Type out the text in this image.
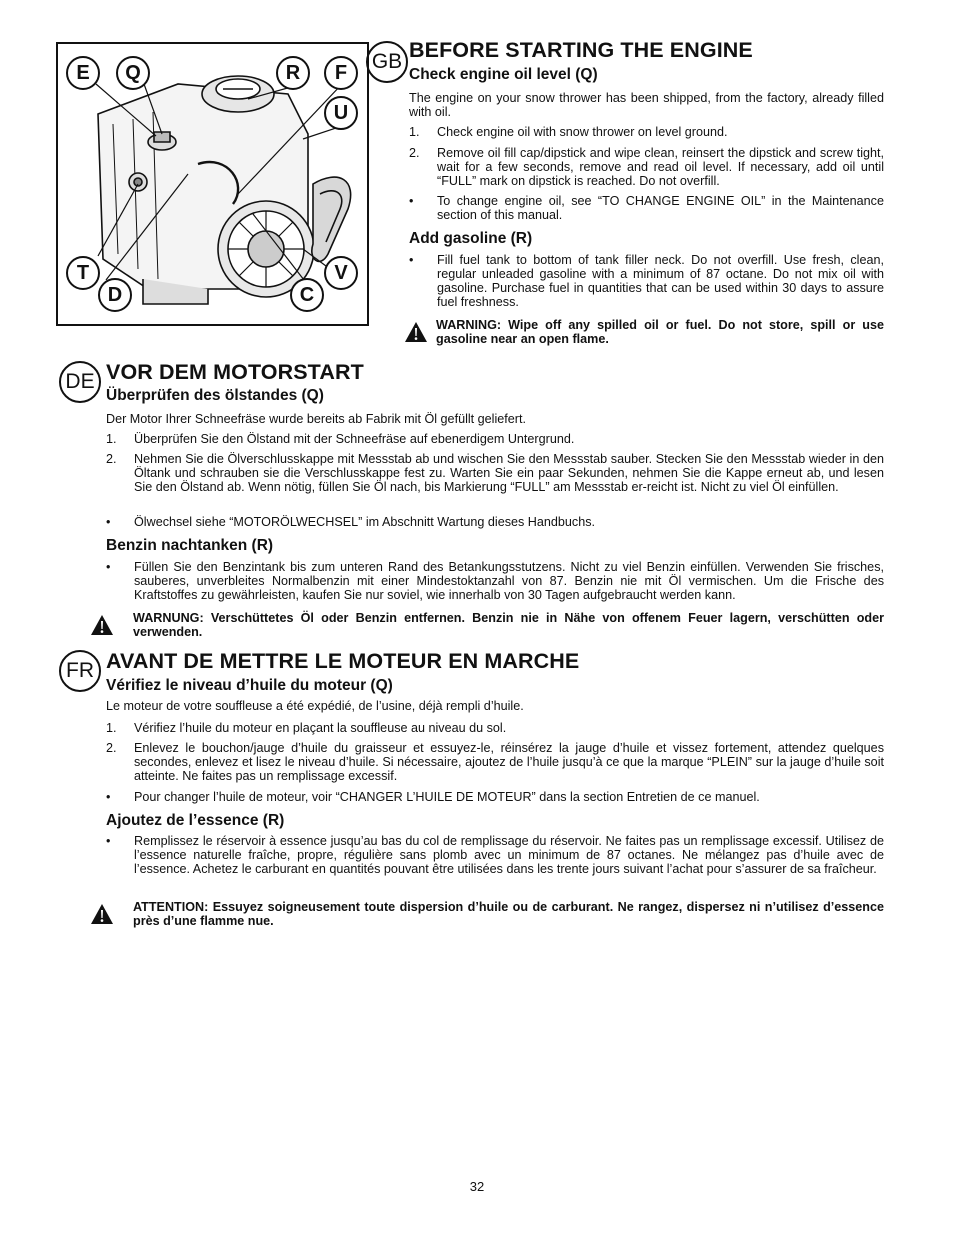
E	Q	R	F
U
T	V
D	C
GB BEFORE STARTING THE ENGINE
Check engine oil level (Q)
The engine on your snow thrower has been shipped, from the factory, already filled with oil.
1. Check engine oil with snow thrower on level ground.
2. Remove oil fill cap/dipstick and wipe clean, reinsert the dipstick and screw tight, wait for a few seconds, remove and read oil level. If necessary, add oil until “FULL” mark on dipstick is reached. Do not overfill.
• To change engine oil, see “TO CHANGE ENGINE OIL” in the Maintenance section of this manual.
Add gasoline (R)
• Fill fuel tank to bottom of tank filler neck. Do not overfill. Use fresh, clean, regular unleaded gasoline with a minimum of 87 octane. Do not mix oil with gasoline. Purchase fuel in quantities that can be used within 30 days to assure fuel freshness.
WARNING: Wipe off any spilled oil or fuel. Do not store, spill or use gasoline near an open flame.
DE VOR DEM MOTORSTART
Überprüfen des ölstandes (Q)
Der Motor Ihrer Schneefräse wurde bereits ab Fabrik mit Öl gefüllt geliefert.
1. Überprüfen Sie den Ölstand mit der Schneefräse auf ebenerdigem Untergrund.
2. Nehmen Sie die Ölverschlusskappe mit Messstab ab und wischen Sie den Messstab sauber. Stecken Sie den Messstab wieder in den Öltank und schrauben sie die Verschlusskappe fest zu. Warten Sie ein paar Sekunden, nehmen Sie die Kappe erneut ab, und lesen Sie den Ölstand ab. Wenn nötig, füllen Sie Öl nach, bis Markierung “FULL” am Messstab er-reicht ist. Nicht zu viel Öl einfüllen.
• Ölwechsel siehe “MOTORÖLWECHSEL” im Abschnitt Wartung dieses Handbuchs.
Benzin nachtanken (R)
• Füllen Sie den Benzintank bis zum unteren Rand des Betankungsstutzens. Nicht zu viel Benzin einfüllen. Verwenden Sie frisches, sauberes, unverbleites Normalbenzin mit einer Mindestoktanzahl von 87. Benzin nie mit Öl vermischen. Um die Frische des Kraftstoffes zu gewährleisten, kaufen Sie nur soviel, wie innerhalb von 30 Tagen aufgebraucht werden kann.
WARNUNG: Verschüttetes Öl oder Benzin entfernen. Benzin nie in Nähe von offenem Feuer lagern, verschütten oder verwenden.
FR AVANT DE METTRE LE MOTEUR EN MARCHE
Vérifiez le niveau d’huile du moteur (Q)
Le moteur de votre souffleuse a été expédié, de l’usine, déjà rempli d’huile.
1. Vérifiez l’huile du moteur en plaçant la souffleuse au niveau du sol.
2. Enlevez le bouchon/jauge d’huile du graisseur et essuyez-le, réinsérez la jauge d’huile et vissez fortement, attendez quelques secondes, enlevez et lisez le niveau d’huile. Si nécessaire, ajoutez de l’huile jusqu’à ce que la marque “PLEIN” sur la jauge d’huile soit atteinte. Ne faites pas un remplissage excessif.
• Pour changer l’huile de moteur, voir “CHANGER L’HUILE DE MOTEUR” dans la section Entretien de ce manuel.
Ajoutez de l’essence (R)
• Remplissez le réservoir à essence jusqu’au bas du col de remplissage du réservoir. Ne faites pas un remplissage excessif. Utilisez de l’essence naturelle fraîche, propre, régulière sans plomb avec un minimum de 87 octanes. Ne mélangez pas d’huile avec de l’essence. Achetez le carburant en quantités pouvant être utilisées dans les trente jours suivant l’achat pour s’assurer de sa fraîcheur.
ATTENTION: Essuyez soigneusement toute dispersion d’huile ou de carburant. Ne rangez, dispersez ni n’utilisez d’essence près d’une flamme nue.
32
